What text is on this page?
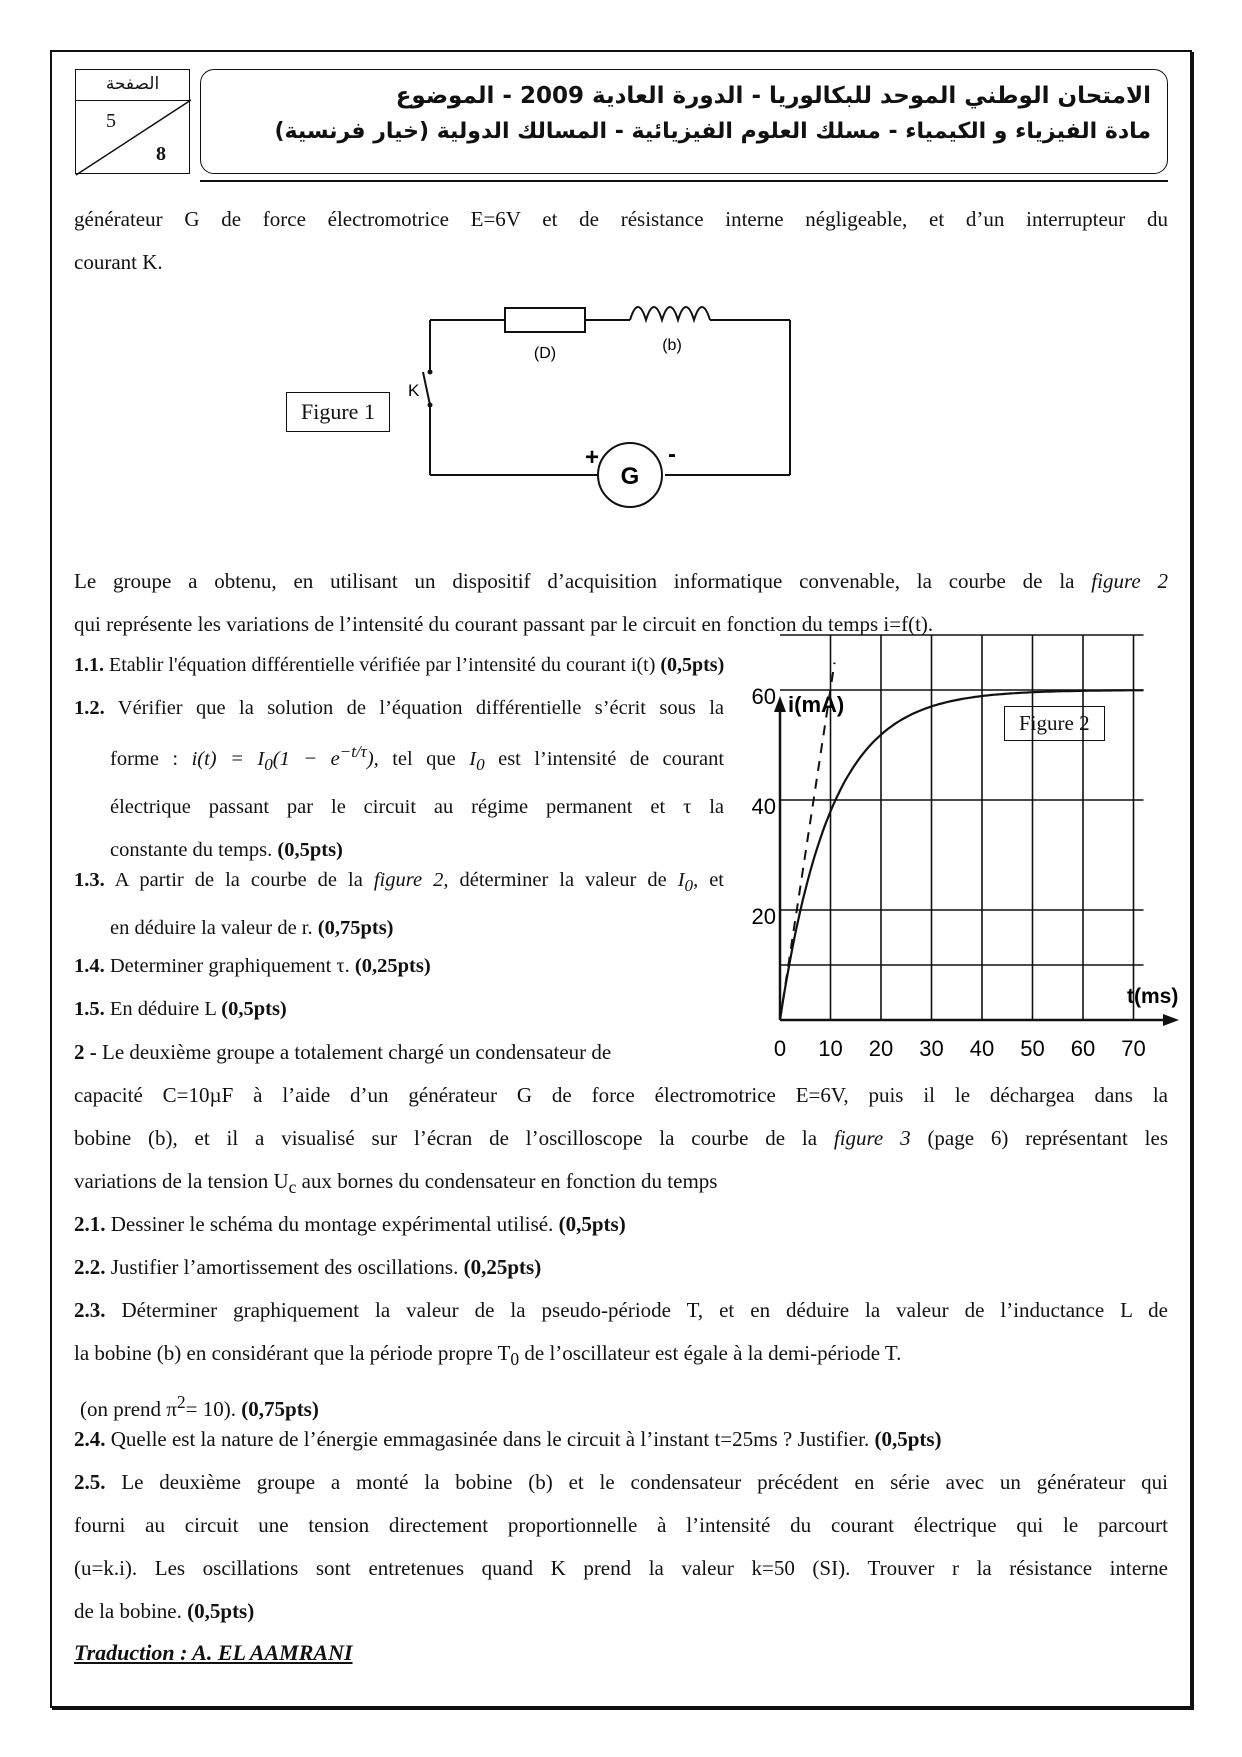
الصفحة
5
8
الامتحان الوطني الموحد للبكالوريا - الدورة العادية 2009 - الموضوع
مادة الفيزياء و الكيمياء - مسلك العلوم الفيزيائية - المسالك الدولية (خيار فرنسية)
générateur G de force électromotrice E=6V et de résistance interne négligeable, et d’un interrupteur du
courant K.
Figure 1
(D)	(b)
K
+	-
G
Le groupe a obtenu, en utilisant un dispositif d’acquisition informatique convenable, la courbe de la figure 2
qui représente les variations de l’intensité du courant passant par le circuit en fonction du temps i=f(t).
1.1. Etablir l'équation différentielle vérifiée par l’intensité du courant i(t) (0,5pts)
1.2. Vérifier que la solution de l’équation différentielle s’écrit sous la
forme : $i(t) = I_0(1 - e^{-t/\tau})$, tel que $I_0$ est l’intensité de courant
électrique passant par le circuit au régime permanent et τ la
constante du temps. (0,5pts)
1.3. A partir de la courbe de la figure 2, déterminer la valeur de $I_0$, et
en déduire la valeur de r. (0,75pts)
1.4. Determiner graphiquement τ. (0,25pts)
1.5. En déduire L (0,5pts)
2 - Le deuxième groupe a totalement chargé un condensateur de
Figure 2
i(mA)
t(ms)
0 10 20 30 40 50 60 70
20
40
60
capacité C=10µF à l’aide d’un générateur G de force électromotrice E=6V, puis il le déchargea dans la
bobine (b), et il a visualisé sur l’écran de l’oscilloscope la courbe de la figure 3 (page 6) représentant les
variations de la tension $U_c$ aux bornes du condensateur en fonction du temps
2.1. Dessiner le schéma du montage expérimental utilisé. (0,5pts)
2.2. Justifier l’amortissement des oscillations. (0,25pts)
2.3. Déterminer graphiquement la valeur de la pseudo-période T, et en déduire la valeur de l’inductance L de
la bobine (b) en considérant que la période propre $T_0$ de l’oscillateur est égale à la demi-période T.
(on prend $\pi^2= 10$). (0,75pts)
2.4. Quelle est la nature de l’énergie emmagasinée dans le circuit à l’instant t=25ms ? Justifier. (0,5pts)
2.5. Le deuxième groupe a monté la bobine (b) et le condensateur précédent en série avec un générateur qui
fourni au circuit une tension directement proportionnelle à l’intensité du courant électrique qui le parcourt
(u=k.i). Les oscillations sont entretenues quand K prend la valeur k=50 (SI). Trouver r la résistance interne
de la bobine. (0,5pts)
Traduction : A. EL AAMRANI
